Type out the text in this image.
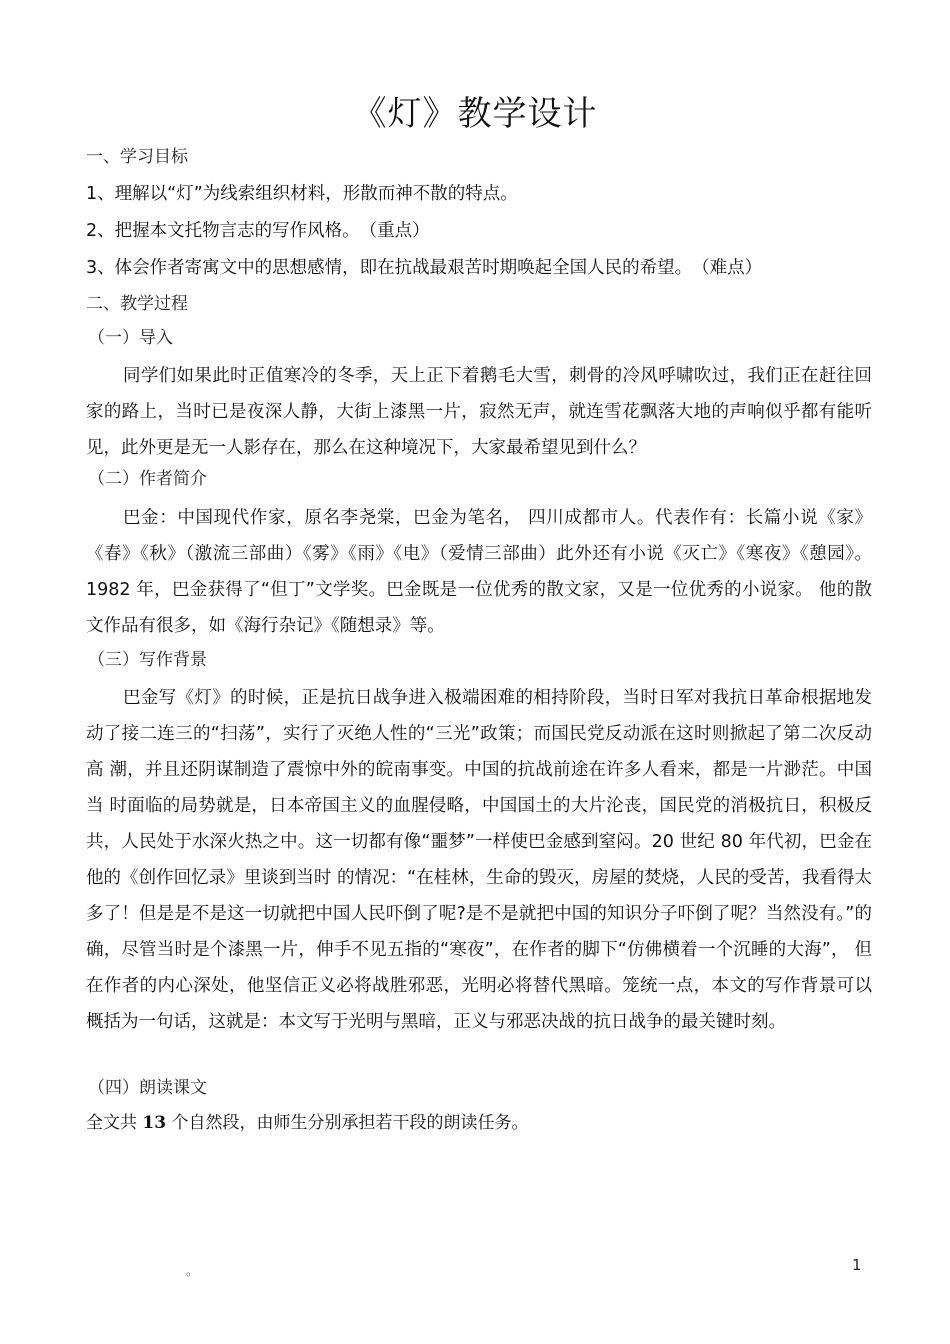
《灯》教学设计
一、学习目标
1、理解以“灯”为线索组织材料，形散而神不散的特点。
2、把握本文托物言志的写作风格。　（重点）
3、体会作者寄寓文中的思想感情，即在抗战最艰苦时期唤起全国人民的希望。　（难点）
二、教学过程
（一）导入
同学们如果此时正值寒冷的冬季，天上正下着鹅毛大雪，刺骨的冷风呼啸吹过，我们正在赶往回家的路上，当时已是夜深人静，大街上漆黑一片，寂然无声，就连雪花飘落大地的声响似乎都有能听见，此外更是无一人影存在，那么在这种境况下，大家最希望见到什么？
（二）作者简介
巴金：中国现代作家，原名李尧棠，巴金为笔名， 四川成都市人。代表作有：长篇小说《家》《春》《秋》（激流三部曲）《雾》《雨》《电》（爱情三部曲）此外还有小说《灭亡》《寒夜》《憩园》。1982 年，巴金获得了“但丁”文学奖。巴金既是一位优秀的散文家，又是一位优秀的小说家。 他的散文作品有很多，如《海行杂记》《随想录》等。
（三）写作背景
巴金写《灯》的时候，正是抗日战争进入极端困难的相持阶段，当时日军对我抗日革命根据地发动了接二连三的“扫荡”，实行了灭绝人性的“三光”政策；而国民党反动派在这时则掀起了第二次反动高 潮，并且还阴谋制造了震惊中外的皖南事变。中国的抗战前途在许多人看来，都是一片渺茫。中国当 时面临的局势就是，日本帝国主义的血腥侵略，中国国土的大片沦丧，国民党的消极抗日，积极反共，人民处于水深火热之中。这一切都有像“噩梦”一样使巴金感到窒闷。20 世纪 80 年代初，巴金在 他的《创作回忆录》里谈到当时 的情况：“在桂林，生命的毁灭，房屋的焚烧，人民的受苦，我看得太多了！但是是不是这一切就把中国人民吓倒了呢?是不是就把中国的知识分子吓倒了呢？当然没有。”的确，尽管当时是个漆黑一片，伸手不见五指的“寒夜”，在作者的脚下“仿佛横着一个沉睡的大海”， 但在作者的内心深处，他坚信正义必将战胜邪恶，光明必将替代黑暗。笼统一点，本文的写作背景可以概括为一句话，这就是：本文写于光明与黑暗，正义与邪恶决战的抗日战争的最关键时刻。
（四）朗读课文
全文共 13 个自然段，由师生分别承担若干段的朗读任务。
。	1
